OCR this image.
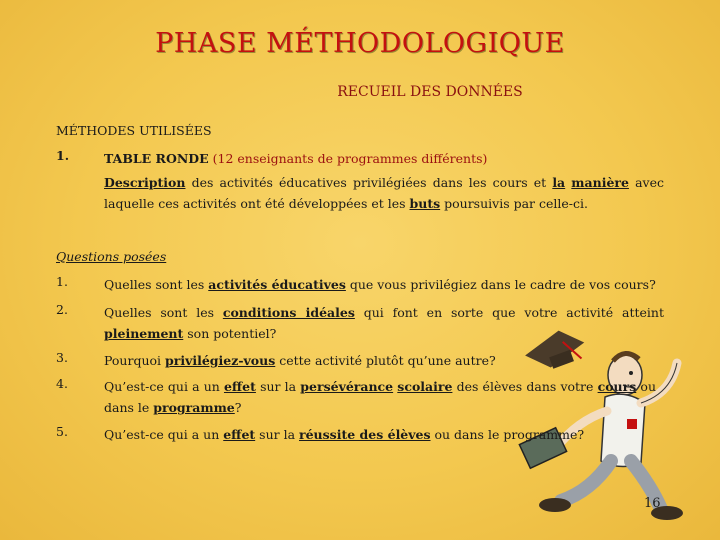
PHASE MÉTHODOLOGIQUE
RECUEIL DES DONNÉES
MÉTHODES UTILISÉES
1.	TABLE RONDE (12 enseignants de programmes différents)
Description des activités éducatives privilégiées dans les cours et la manière avec laquelle ces activités ont été développées et les buts poursuivis par celle-ci.
Questions posées
1.	Quelles sont les activités éducatives que vous privilégiez dans le cadre de vos cours?
2.	Quelles sont les conditions idéales qui font en sorte que votre activité atteint pleinement son potentiel?
3.	Pourquoi privilégiez-vous cette activité plutôt qu’une autre?
4.	Qu’est-ce qui a un effet sur la persévérance scolaire des élèves dans votre cours ou dans le programme?
5.	Qu’est-ce qui a un effet sur la réussite des élèves ou dans le programme?
16
